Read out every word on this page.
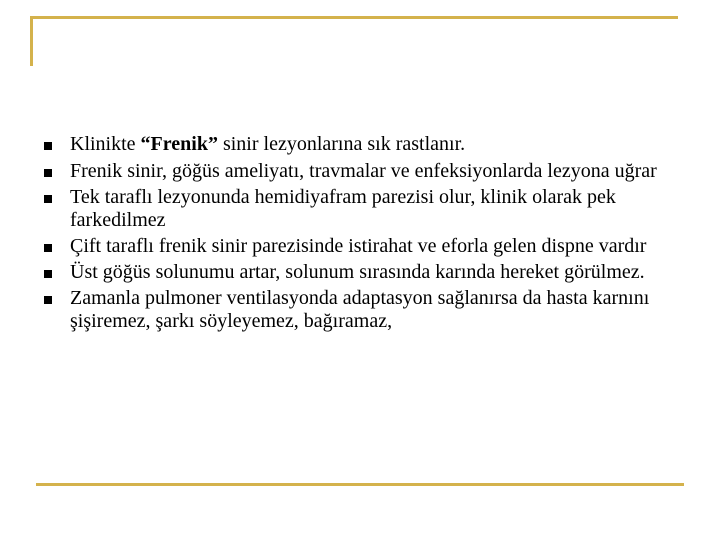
Klinikte “Frenik” sinir lezyonlarına sık rastlanır.
Frenik sinir, göğüs ameliyatı, travmalar ve enfeksiyonlarda lezyona uğrar
Tek taraflı lezyonunda hemidiyafram parezisi olur, klinik olarak pek farkedilmez
Çift taraflı frenik sinir parezisinde istirahat ve eforla gelen dispne vardır
Üst göğüs solunumu artar, solunum sırasında karında hereket görülmez.
Zamanla pulmoner ventilasyonda adaptasyon sağlanırsa da hasta karnını şişiremez, şarkı söyleyemez, bağıramaz,
